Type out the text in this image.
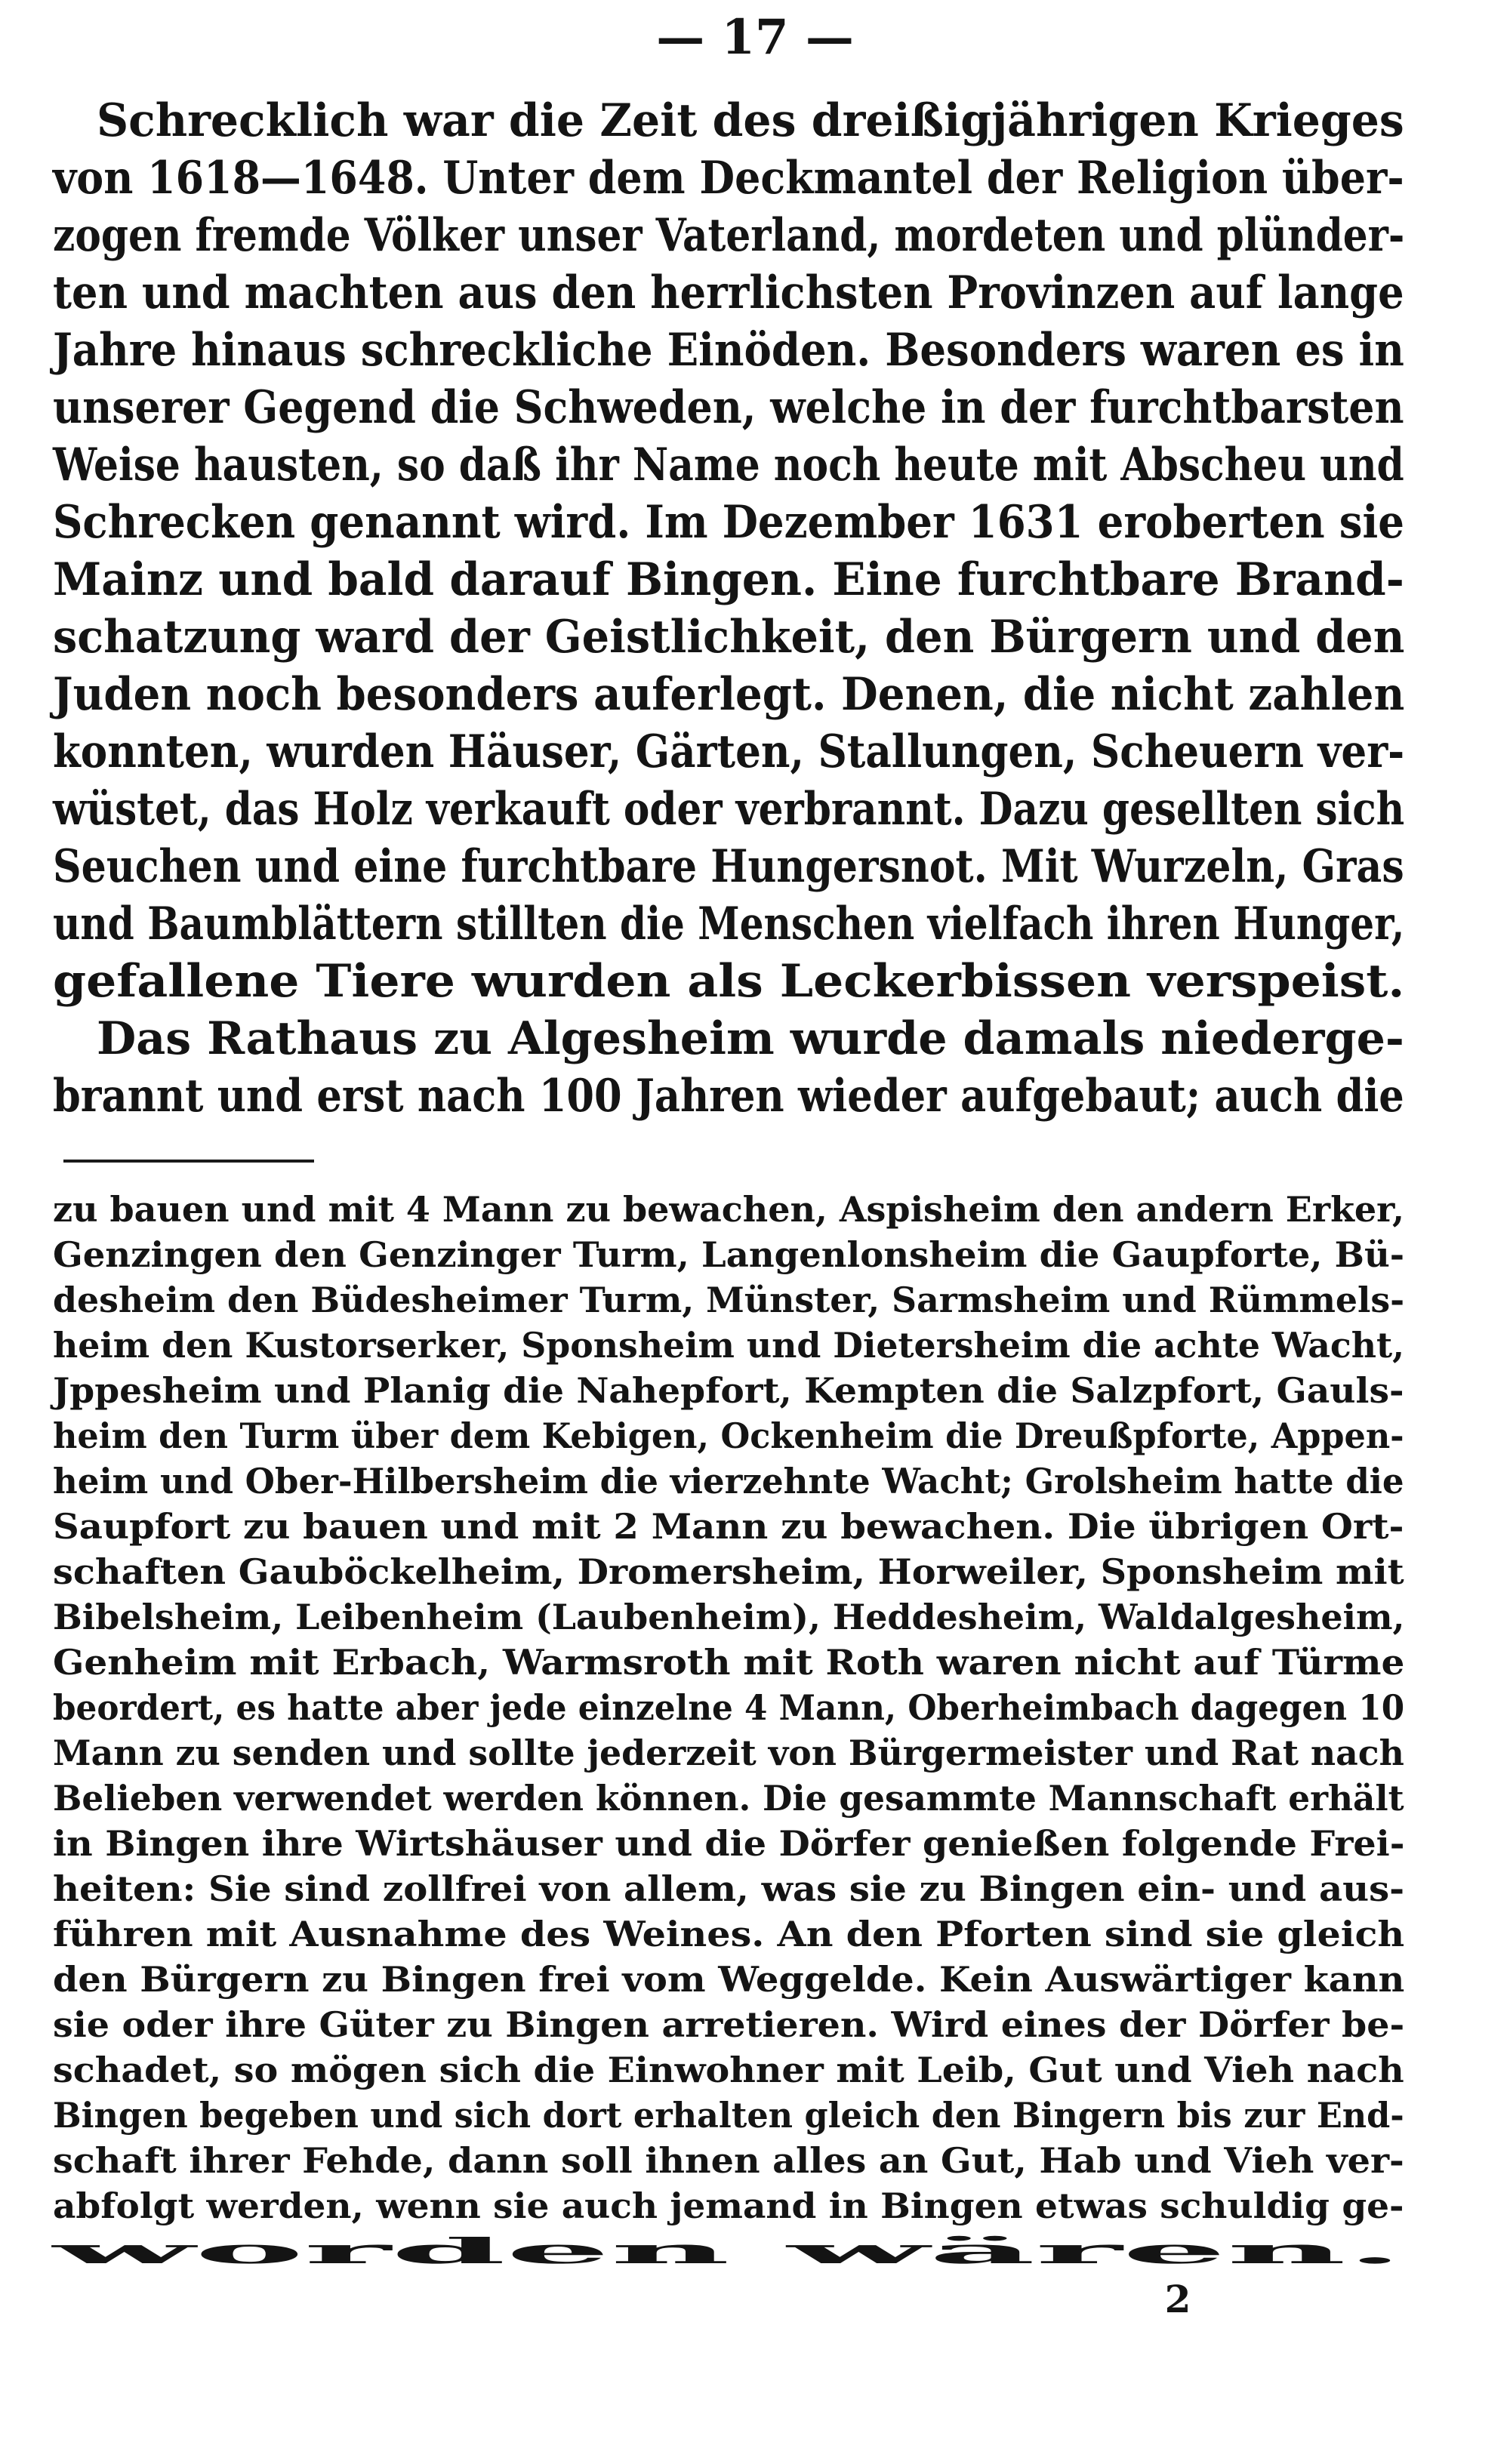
— 17 —
Schrecklich war die Zeit des dreißigjährigen Krieges
von 1618—1648. Unter dem Deckmantel der Religion über-
zogen fremde Völker unser Vaterland, mordeten und plünder-
ten und machten aus den herrlichsten Provinzen auf lange
Jahre hinaus schreckliche Einöden. Besonders waren es in
unserer Gegend die Schweden, welche in der furchtbarsten
Weise hausten, so daß ihr Name noch heute mit Abscheu und
Schrecken genannt wird. Im Dezember 1631 eroberten sie
Mainz und bald darauf Bingen. Eine furchtbare Brand-
schatzung ward der Geistlichkeit, den Bürgern und den
Juden noch besonders auferlegt. Denen, die nicht zahlen
konnten, wurden Häuser, Gärten, Stallungen, Scheuern ver-
wüstet, das Holz verkauft oder verbrannt. Dazu gesellten sich
Seuchen und eine furchtbare Hungersnot. Mit Wurzeln, Gras
und Baumblättern stillten die Menschen vielfach ihren Hunger,
gefallene Tiere wurden als Leckerbissen verspeist.
Das Rathaus zu Algesheim wurde damals niederge-
brannt und erst nach 100 Jahren wieder aufgebaut; auch die
zu bauen und mit 4 Mann zu bewachen, Aspisheim den andern Erker,
Genzingen den Genzinger Turm, Langenlonsheim die Gaupforte, Bü-
desheim den Büdesheimer Turm, Münster, Sarmsheim und Rümmels-
heim den Kustorserker, Sponsheim und Dietersheim die achte Wacht,
Jppesheim und Planig die Nahepfort, Kempten die Salzpfort, Gauls-
heim den Turm über dem Kebigen, Ockenheim die Dreußpforte, Appen-
heim und Ober-Hilbersheim die vierzehnte Wacht; Grolsheim hatte die
Saupfort zu bauen und mit 2 Mann zu bewachen. Die übrigen Ort-
schaften Gauböckelheim, Dromersheim, Horweiler, Sponsheim mit
Bibelsheim, Leibenheim (Laubenheim), Heddesheim, Waldalgesheim,
Genheim mit Erbach, Warmsroth mit Roth waren nicht auf Türme
beordert, es hatte aber jede einzelne 4 Mann, Oberheimbach dagegen 10
Mann zu senden und sollte jederzeit von Bürgermeister und Rat nach
Belieben verwendet werden können. Die gesammte Mannschaft erhält
in Bingen ihre Wirtshäuser und die Dörfer genießen folgende Frei-
heiten: Sie sind zollfrei von allem, was sie zu Bingen ein- und aus-
führen mit Ausnahme des Weines. An den Pforten sind sie gleich
den Bürgern zu Bingen frei vom Weggelde. Kein Auswärtiger kann
sie oder ihre Güter zu Bingen arretieren. Wird eines der Dörfer be-
schadet, so mögen sich die Einwohner mit Leib, Gut und Vieh nach
Bingen begeben und sich dort erhalten gleich den Bingern bis zur End-
schaft ihrer Fehde, dann soll ihnen alles an Gut, Hab und Vieh ver-
abfolgt werden, wenn sie auch jemand in Bingen etwas schuldig ge-
worden wären.
2
